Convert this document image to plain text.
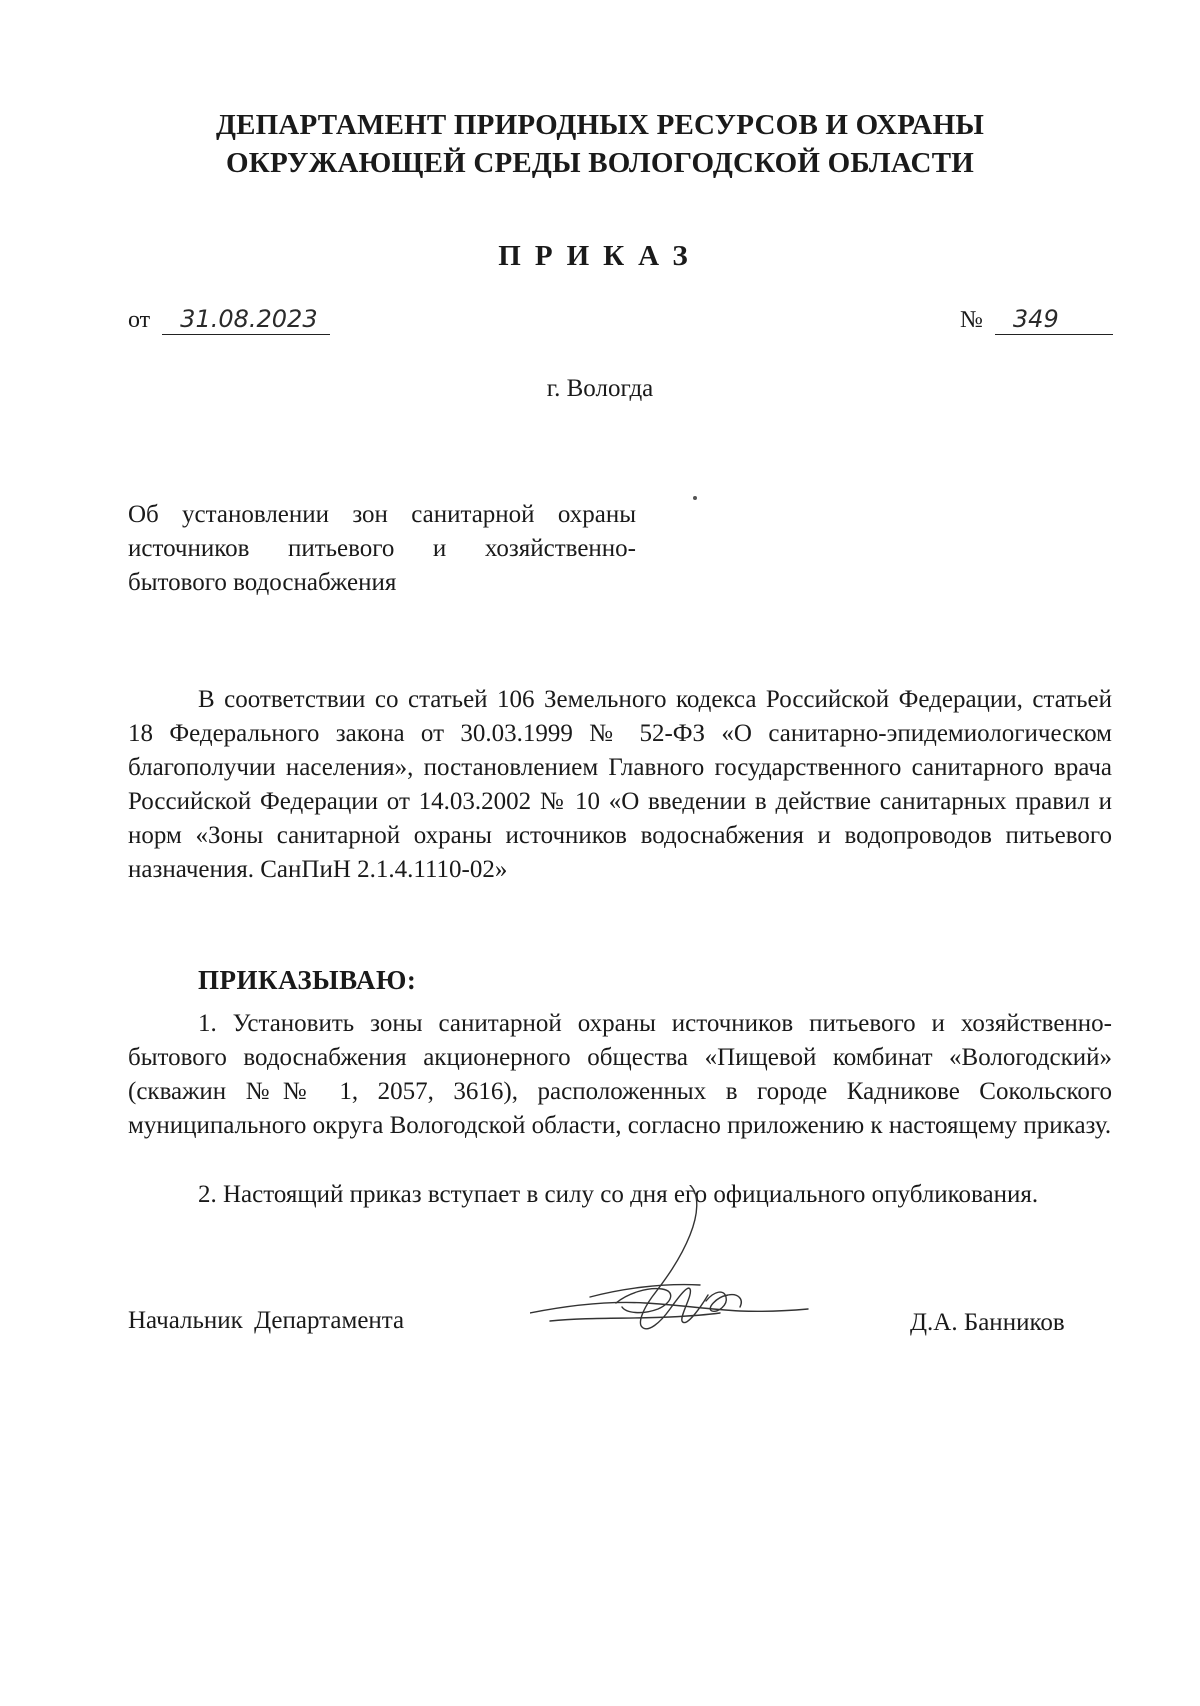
ДЕПАРТАМЕНТ ПРИРОДНЫХ РЕСУРСОВ И ОХРАНЫ
ОКРУЖАЮЩЕЙ СРЕДЫ ВОЛОГОДСКОЙ ОБЛАСТИ
ПРИКАЗ
от 31.08.2023	№ 349
г. Вологда
Об установлении зон санитарной охраны источников питьевого и хозяйственно-бытового водоснабжения

В соответствии со статьей 106 Земельного кодекса Российской Федерации, статьей 18 Федерального закона от 30.03.1999 № 52-ФЗ «О санитарно-эпидемиологическом благополучии населения», постановлением Главного государственного санитарного врача Российской Федерации от 14.03.2002 № 10 «О введении в действие санитарных правил и норм «Зоны санитарной охраны источников водоснабжения и водопроводов питьевого назначения. СанПиН 2.1.4.1110-02»

ПРИКАЗЫВАЮ:

1. Установить зоны санитарной охраны источников питьевого и хозяйственно-бытового водоснабжения акционерного общества «Пищевой комбинат «Вологодский» (скважин №№ 1, 2057, 3616), расположенных в городе Кадникове Сокольского муниципального округа Вологодской области, согласно приложению к настоящему приказу.

2. Настоящий приказ вступает в силу со дня его официального опубликования.

Начальник Департамента	Д.А. Банников
